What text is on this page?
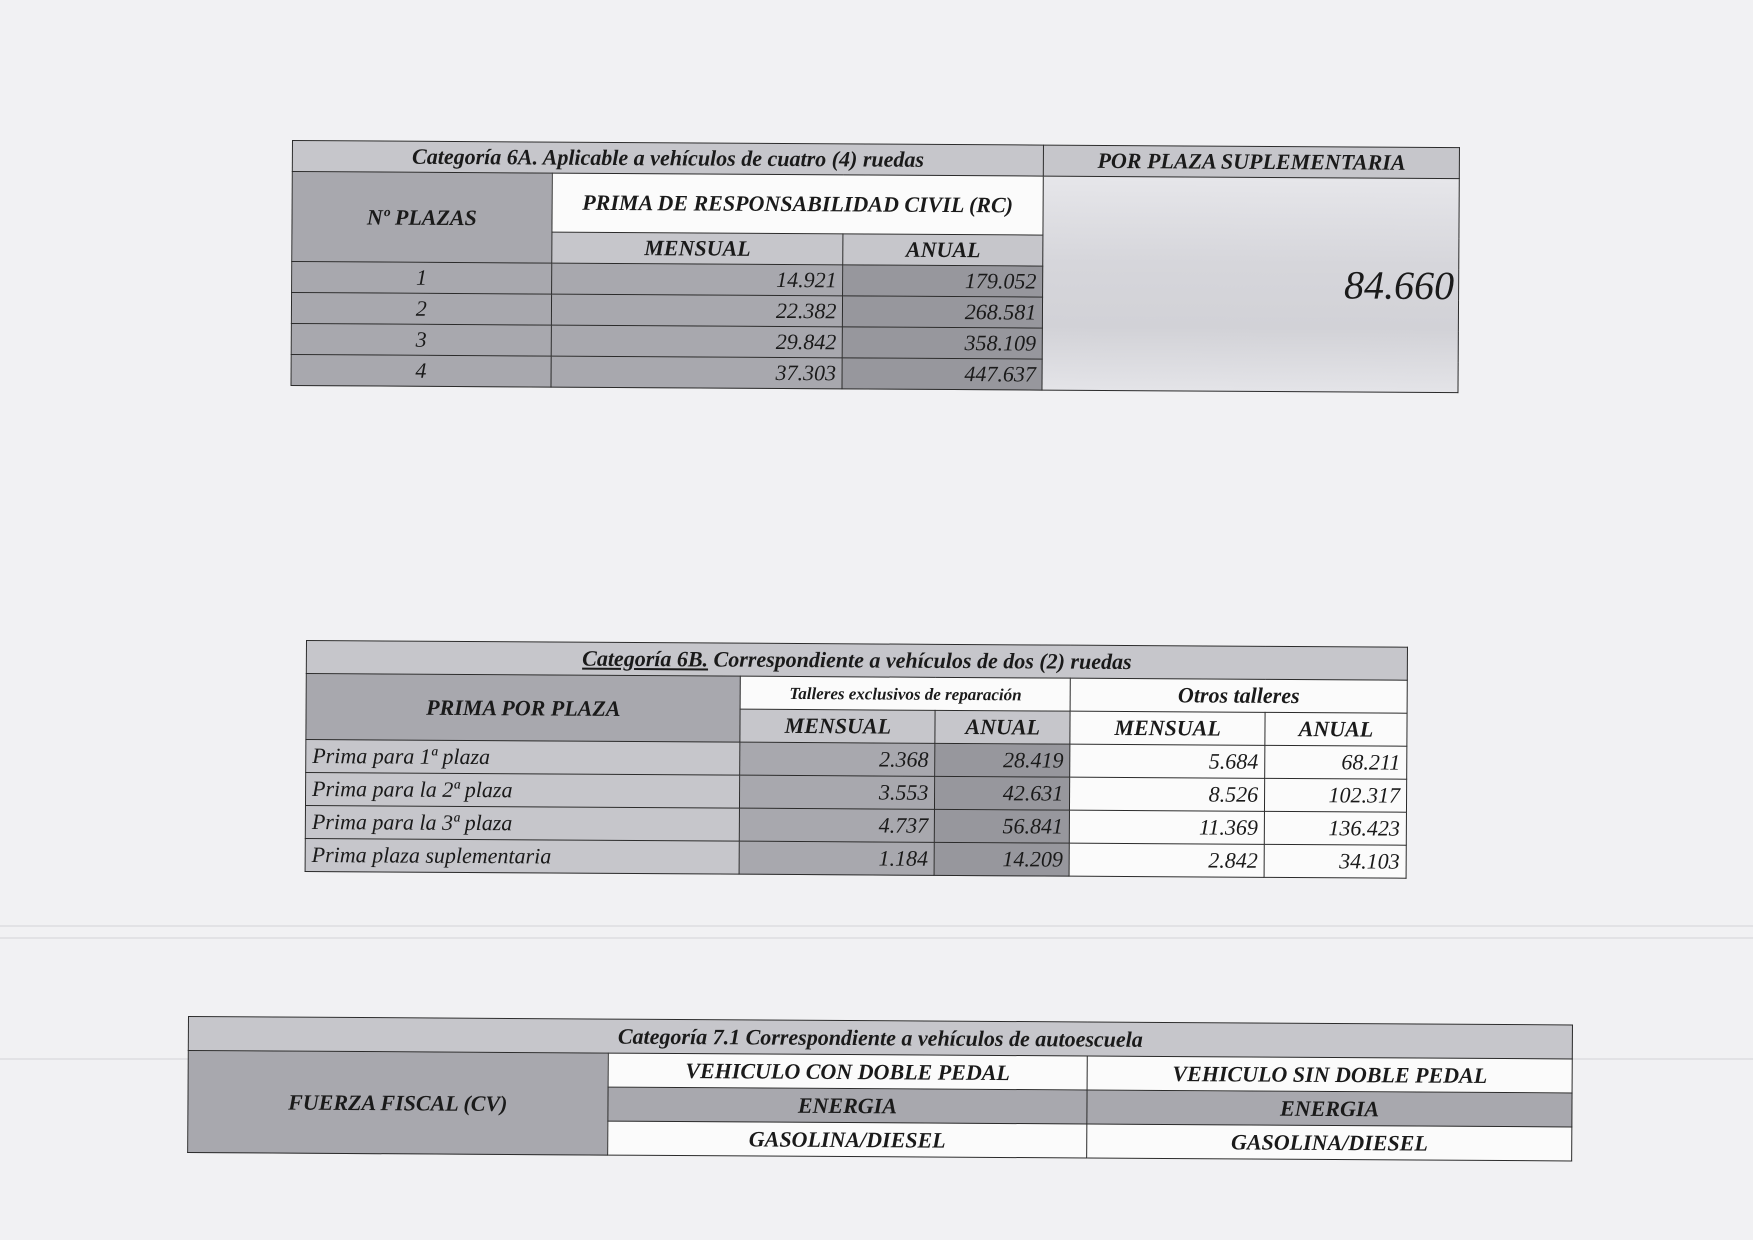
Categoría 6A. Aplicable a vehículos de cuatro (4) ruedas			POR PLAZA SUPLEMENTARIA
Nº PLAZAS	PRIMA DE RESPONSABILIDAD CIVIL (RC)		84.660
	MENSUAL	ANUAL	
1	14.921	179.052	
2	22.382	268.581	
3	29.842	358.109	
4	37.303	447.637	
Categoría 6B. Correspondiente a vehículos de dos (2) ruedas				
PRIMA POR PLAZA	Talleres exclusivos de reparación		Otros talleres	
	MENSUAL	ANUAL	MENSUAL	ANUAL
Prima para 1ª plaza	2.368	28.419	5.684	68.211
Prima para la 2ª plaza	3.553	42.631	8.526	102.317
Prima para la 3ª plaza	4.737	56.841	11.369	136.423
Prima plaza suplementaria	1.184	14.209	2.842	34.103
Categoría 7.1 Correspondiente a vehículos de autoescuela		
FUERZA FISCAL (CV)	VEHICULO CON DOBLE PEDAL	VEHICULO SIN DOBLE PEDAL
	ENERGIA	ENERGIA
	GASOLINA/DIESEL	GASOLINA/DIESEL
